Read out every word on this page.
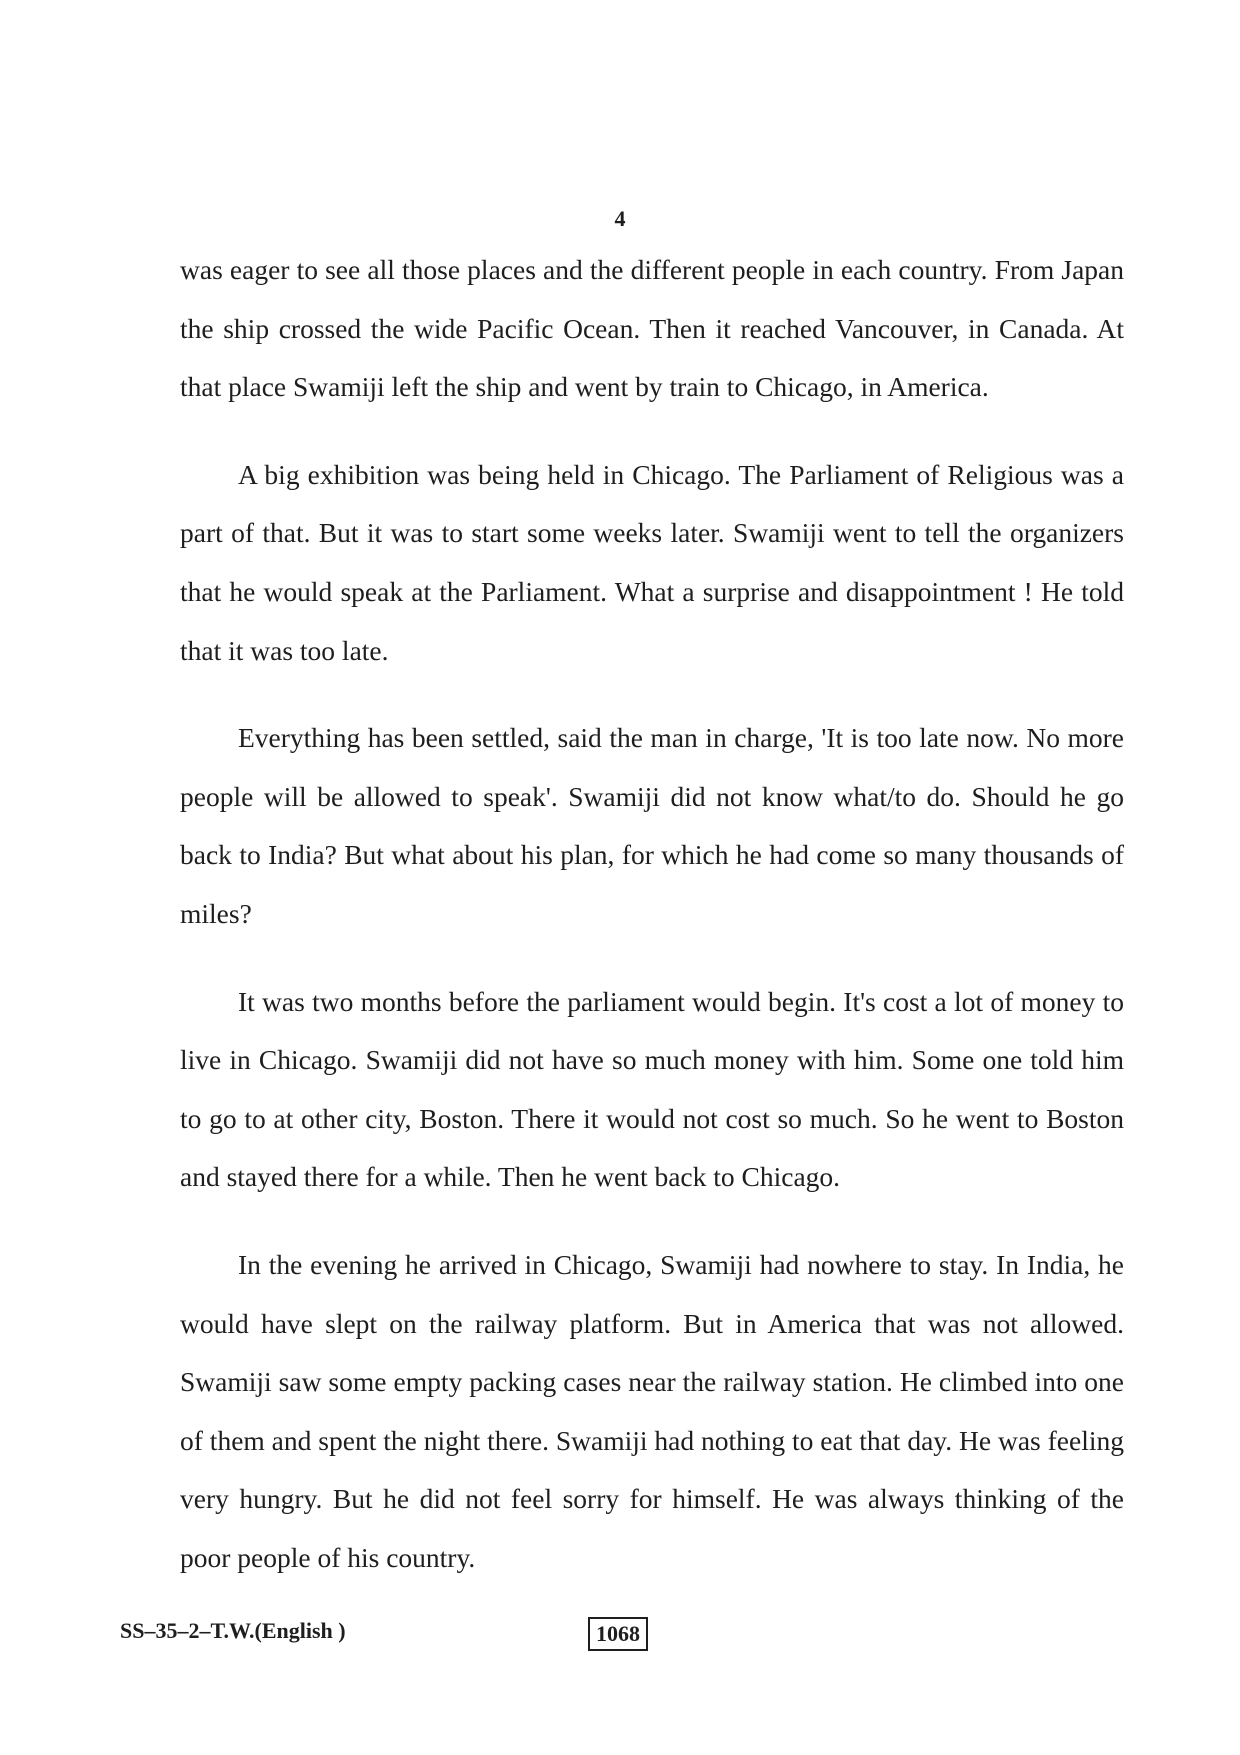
4

was eager to see all those places and the different people in each country. From Japan the ship crossed the wide Pacific Ocean. Then it reached Vancouver, in Canada. At that place Swamiji left the ship and went by train to Chicago, in America.

A big exhibition was being held in Chicago. The Parliament of Religious was a part of that. But it was to start some weeks later. Swamiji went to tell the organizers that he would speak at the Parliament. What a surprise and disappointment ! He told that it was too late.

Everything has been settled, said the man in charge, 'It is too late now. No more people will be allowed to speak'. Swamiji did not know what/to do. Should he go back to India? But what about his plan, for which he had come so many thousands of miles?

It was two months before the parliament would begin. It's cost a lot of money to live in Chicago. Swamiji did not have so much money with him. Some one told him to go to at other city, Boston. There it would not cost so much. So he went to Boston and stayed there for a while. Then he went back to Chicago.

In the evening he arrived in Chicago, Swamiji had nowhere to stay. In India, he would have slept on the railway platform. But in America that was not allowed. Swamiji saw some empty packing cases near the railway station. He climbed into one of them and spent the night there. Swamiji had nothing to eat that day. He was feeling very hungry. But he did not feel sorry for himself. He was always thinking of the poor people of his country.

SS–35–2–T.W.(English )	1068
